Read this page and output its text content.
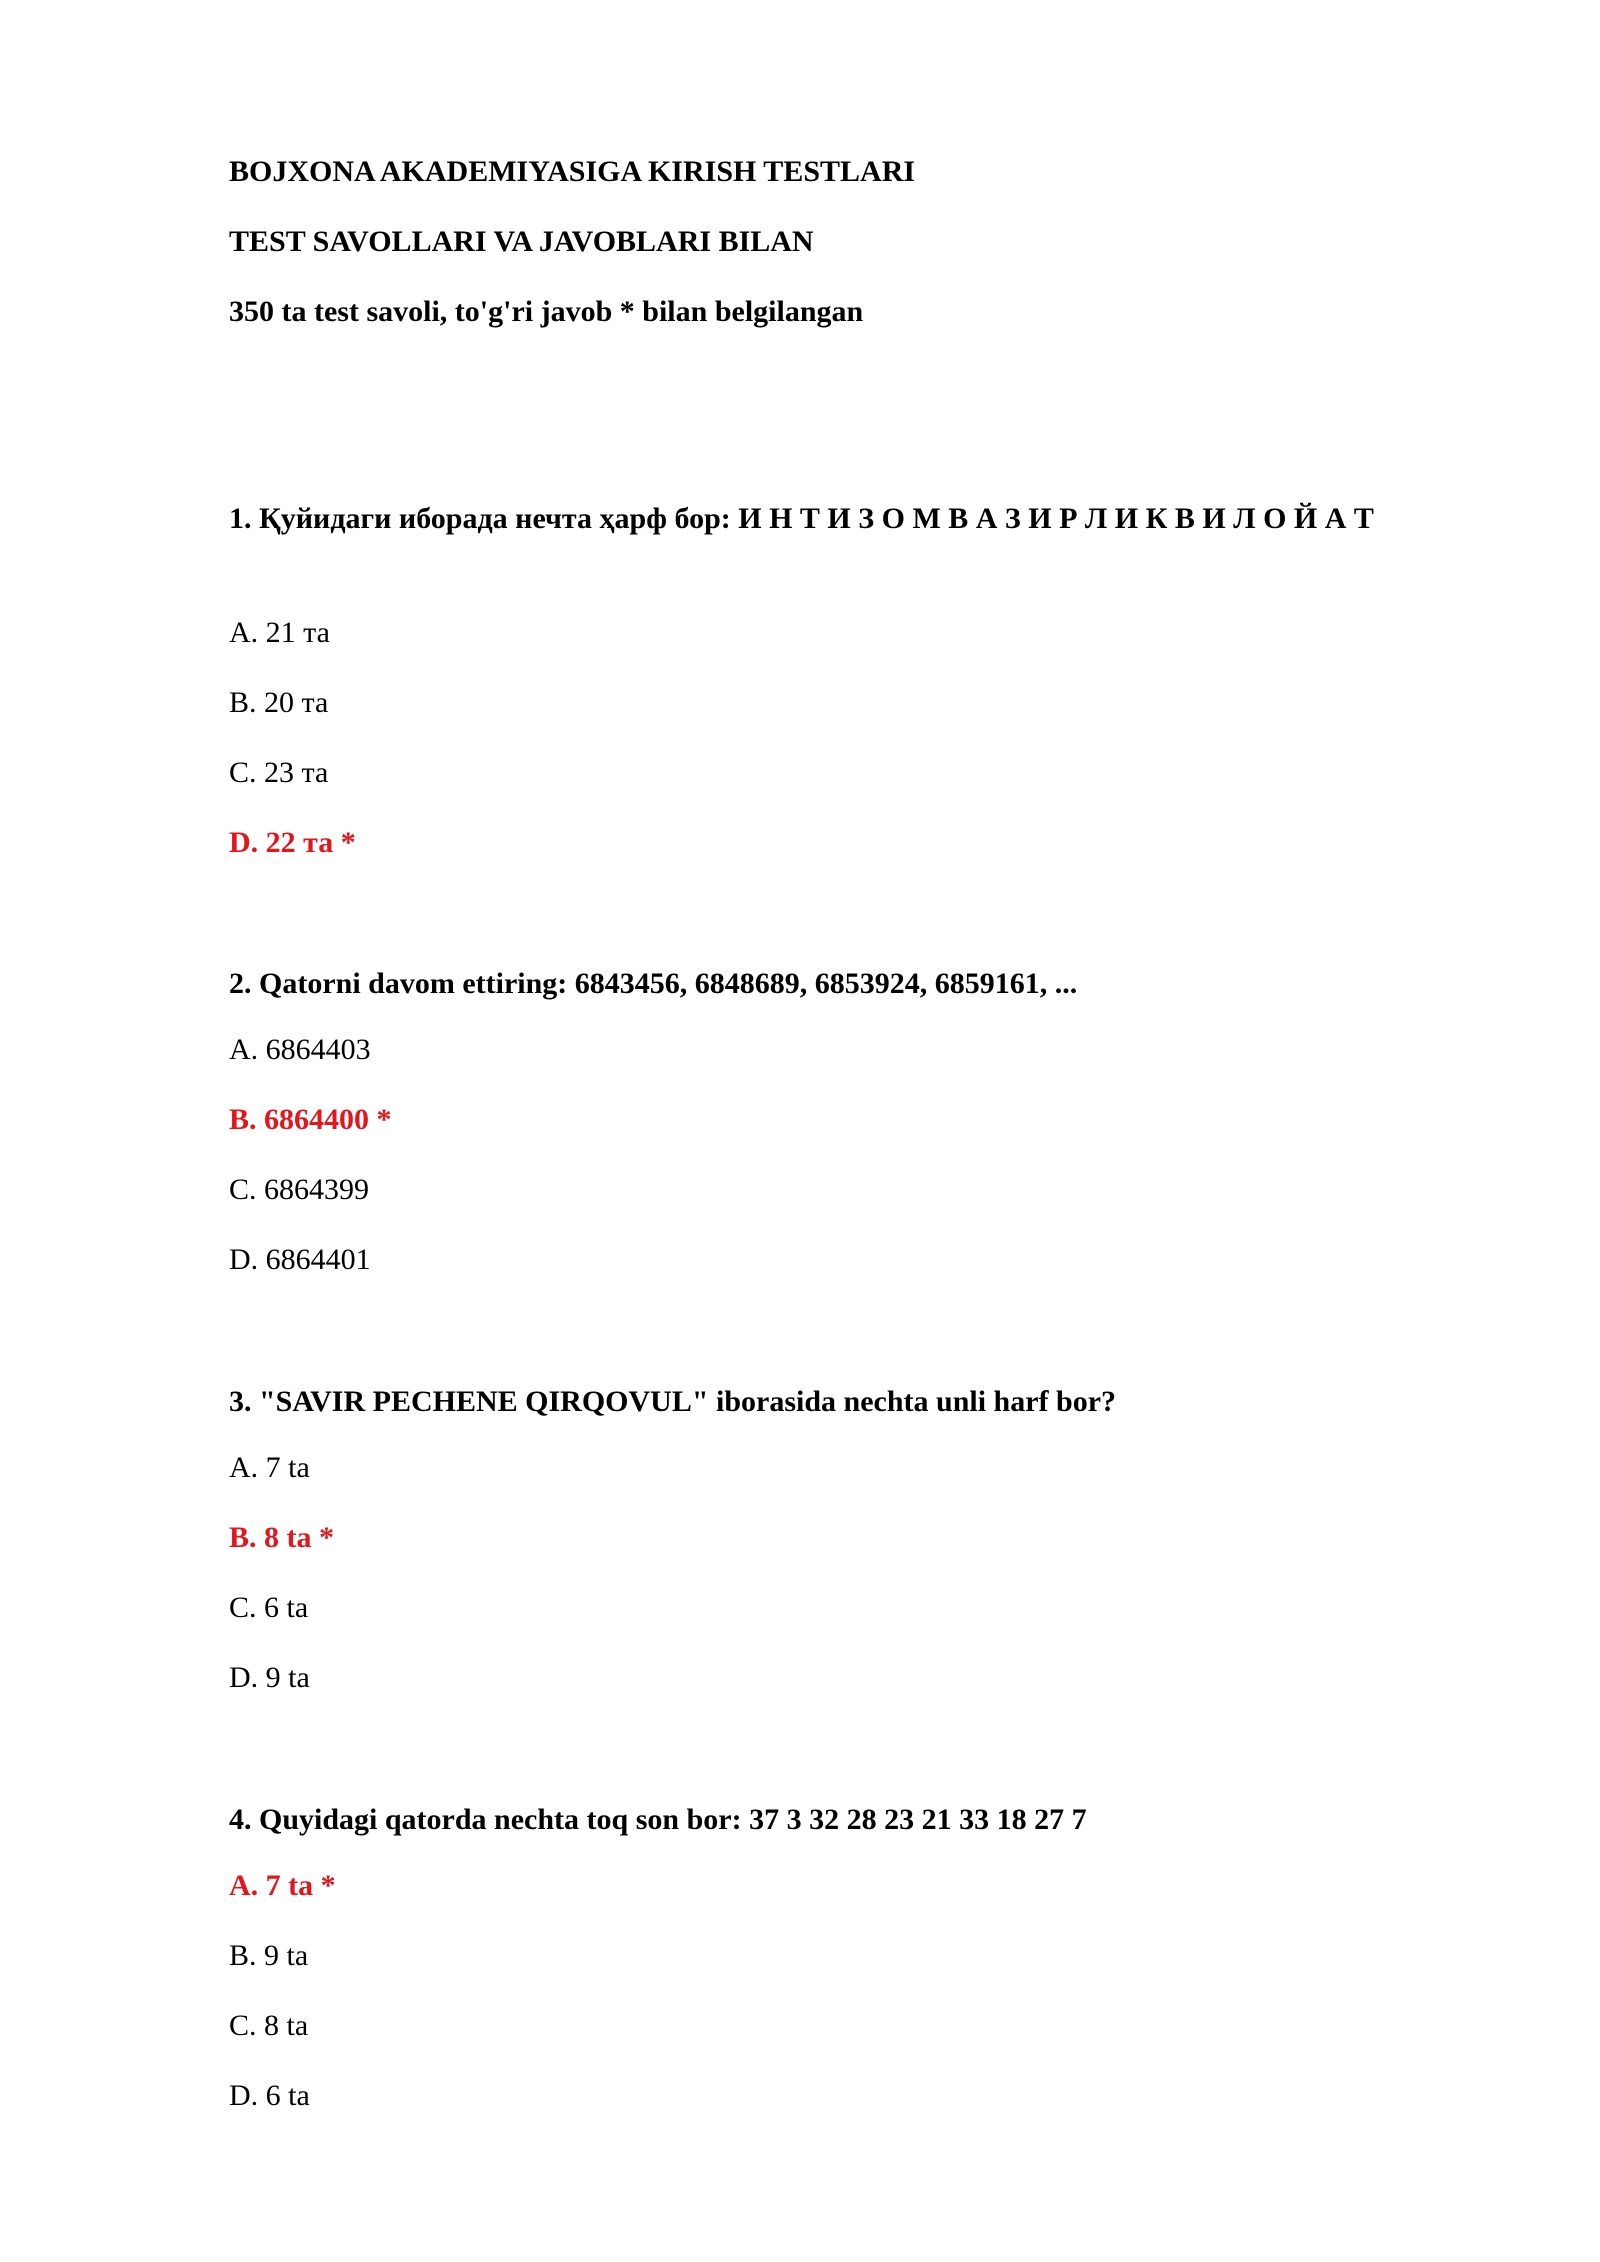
BOJXONA AKADEMIYASIGA KIRISH TESTLARI
TEST SAVOLLARI VA JAVOBLARI BILAN
350 ta test savoli, to'g'ri javob * bilan belgilangan

1. Қуйидаги иборада нечта ҳарф бор: И Н Т И З О М В А З И Р Л И К В И Л О Й А Т

A. 21 та
B. 20 та
C. 23 та
D. 22 та *

2. Qatorni davom ettiring: 6843456, 6848689, 6853924, 6859161, ...

A. 6864403
B. 6864400 *
C. 6864399
D. 6864401

3. "SAVIR PECHENE QIRQOVUL" iborasida nechta unli harf bor?

A. 7 ta
B. 8 ta *
C. 6 ta
D. 9 ta

4. Quyidagi qatorda nechta toq son bor: 37 3 32 28 23 21 33 18 27 7

A. 7 ta *
B. 9 ta
C. 8 ta
D. 6 ta
